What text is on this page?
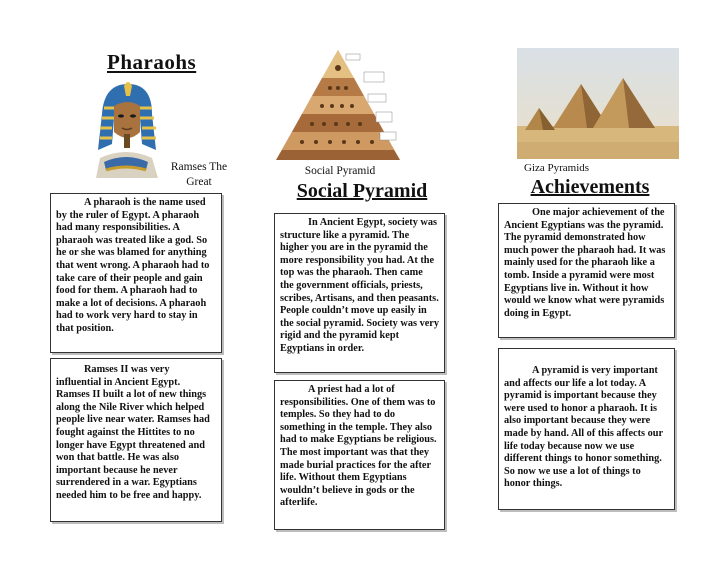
Pharaohs
Ramses The Great

A pharaoh is the name used by the ruler of Egypt. A pharaoh had many responsibilities. A pharaoh was treated like a god. So he or she was blamed for anything that went wrong. A pharaoh had to take care of their people and gain food for them. A pharaoh had to make a lot of decisions. A pharaoh had to work very hard to stay in that position.

Ramses II was very influential in Ancient Egypt. Ramses II built a lot of new things along the Nile River which helped people live near water. Ramses had fought against the Hittites to no longer have Egypt threatened and won that battle. He was also important because he never surrendered in a war. Egyptians needed him to be free and happy.

Social Pyramid
Social Pyramid

In Ancient Egypt, society was structure like a pyramid. The higher you are in the pyramid the more responsibility you had. At the top was the pharaoh. Then came the government officials, priests, scribes, Artisans, and then peasants. People couldn’t move up easily in the social pyramid. Society was very rigid and the pyramid kept Egyptians in order.

A priest had a lot of responsibilities. One of them was to temples. So they had to do something in the temple. They also had to make Egyptians be religious. The most important was that they made burial practices for the after life. Without them Egyptians wouldn’t believe in gods or the afterlife.

Giza Pyramids
Achievements

One major achievement of the Ancient Egyptians was the pyramid. The pyramid demonstrated how much power the pharaoh had. It was mainly used for the pharaoh like a tomb. Inside a pyramid were most Egyptians live in. Without it how would we know what were pyramids doing in Egypt.

A pyramid is very important and affects our life a lot today. A pyramid is important because they were used to honor a pharaoh. It is also important because they were made by hand. All of this affects our life today because now we use different things to honor something. So now we use a lot of things to honor things.
